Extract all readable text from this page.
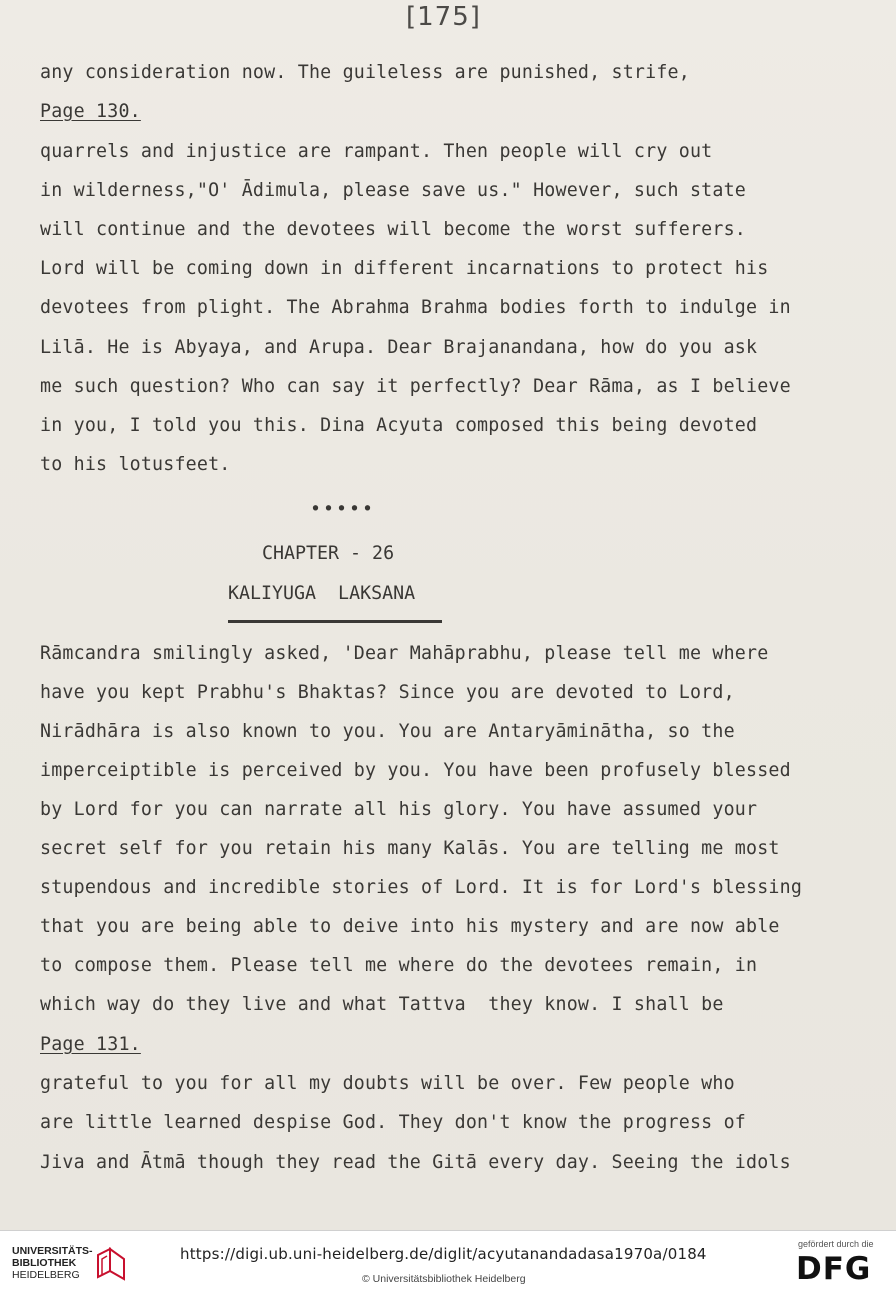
[175]
any consideration now. The guileless are punished, strife,
Page 130.
quarrels and injustice are rampant. Then people will cry out
in wilderness,"O' Ādimula, please save us." However, such state
will continue and the devotees will become the worst sufferers.
Lord will be coming down in different incarnations to protect his
devotees from plight. The Abrahma Brahma bodies forth to indulge in
Lilā. He is Abyaya, and Arupa. Dear Brajanandana, how do you ask
me such question? Who can say it perfectly? Dear Rāma, as I believe
in you, I told you this. Dina Acyuta composed this being devoted
to his lotusfeet.
•••••
CHAPTER - 26
KALIYUGA  LAKSANA
Rāmcandra smilingly asked, 'Dear Mahāprabhu, please tell me where
have you kept Prabhu's Bhaktas? Since you are devoted to Lord,
Nirādhāra is also known to you. You are Antaryāminātha, so the
imperceiptible is perceived by you. You have been profusely blessed
by Lord for you can narrate all his glory. You have assumed your
secret self for you retain his many Kalās. You are telling me most
stupendous and incredible stories of Lord. It is for Lord's blessing
that you are being able to deive into his mystery and are now able
to compose them. Please tell me where do the devotees remain, in
which way do they live and what Tattva  they know. I shall be
Page 131.
grateful to you for all my doubts will be over. Few people who
are little learned despise God. They don't know the progress of
Jiva and Ātmā though they read the Gitā every day. Seeing the idols
UNIVERSITÄTS-
BIBLIOTHEK
HEIDELBERG
https://digi.ub.uni-heidelberg.de/diglit/acyutanandadasa1970a/0184
© Universitätsbibliothek Heidelberg
gefördert durch die
DFG
